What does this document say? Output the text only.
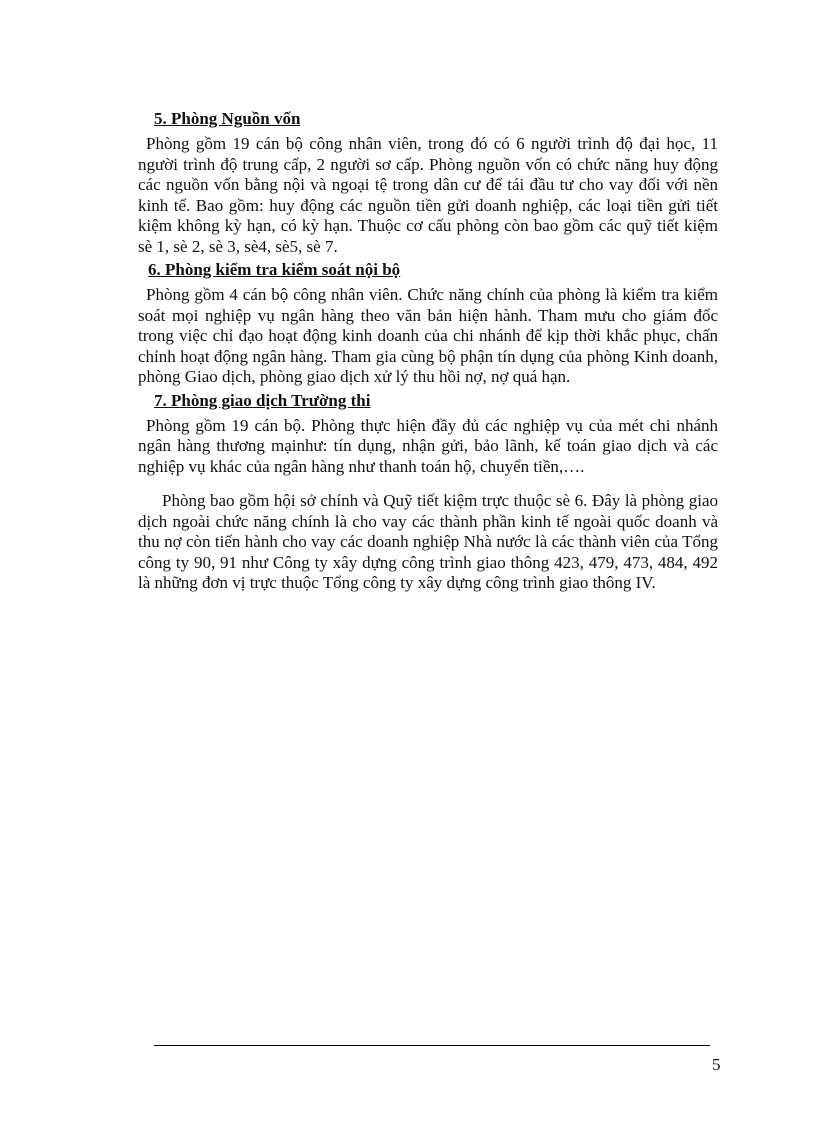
5. Phòng Nguồn vốn

Phòng gồm 19 cán bộ công nhân viên, trong đó có 6 người trình độ đại học, 11 người trình độ trung cấp, 2 người sơ cấp. Phòng nguồn vốn có chức năng huy động các nguồn vốn bằng nội và ngoại tệ trong dân cư để tái đầu tư cho vay đối với nền kinh tế. Bao gồm: huy động các nguồn tiền gửi doanh nghiệp, các loại tiền gửi tiết kiệm không kỳ hạn, có kỳ hạn. Thuộc cơ cấu phòng còn bao gồm các quỹ tiết kiệm sè 1, sè 2, sè 3, sè4, sè5, sè 7.

6. Phòng kiểm tra kiểm soát nội bộ

Phòng gồm 4 cán bộ công nhân viên. Chức năng chính của phòng là kiểm tra kiểm soát mọi nghiệp vụ ngân hàng theo văn bản hiện hành. Tham mưu cho giám đốc trong việc chỉ đạo hoạt động kinh doanh của chi nhánh để kịp thời khắc phục, chấn chỉnh hoạt động ngân hàng. Tham gia cùng bộ phận tín dụng của phòng Kinh doanh, phòng Giao dịch, phòng giao dịch xử lý thu hồi nợ, nợ quá hạn.

7. Phòng giao dịch Trường thi

Phòng gồm 19 cán bộ. Phòng thực hiện đầy đủ các nghiệp vụ của mét chi nhánh ngân hàng thương mạinhư: tín dụng, nhận gửi, bảo lãnh, kế toán giao dịch và các nghiệp vụ khác của ngân hàng như thanh toán hộ, chuyển tiền,….

Phòng bao gồm hội sở chính và Quỹ tiết kiệm trực thuộc sè 6. Đây là phòng giao dịch ngoài chức năng chính là cho vay các thành phần kinh tế ngoài quốc doanh và thu nợ còn tiến hành cho vay các doanh nghiệp Nhà nước là các thành viên của Tổng công ty 90, 91 như Công ty xây dựng công trình giao thông 423, 479, 473, 484, 492 là những đơn vị trực thuộc Tổng công ty xây dựng công trình giao thông IV.

5
